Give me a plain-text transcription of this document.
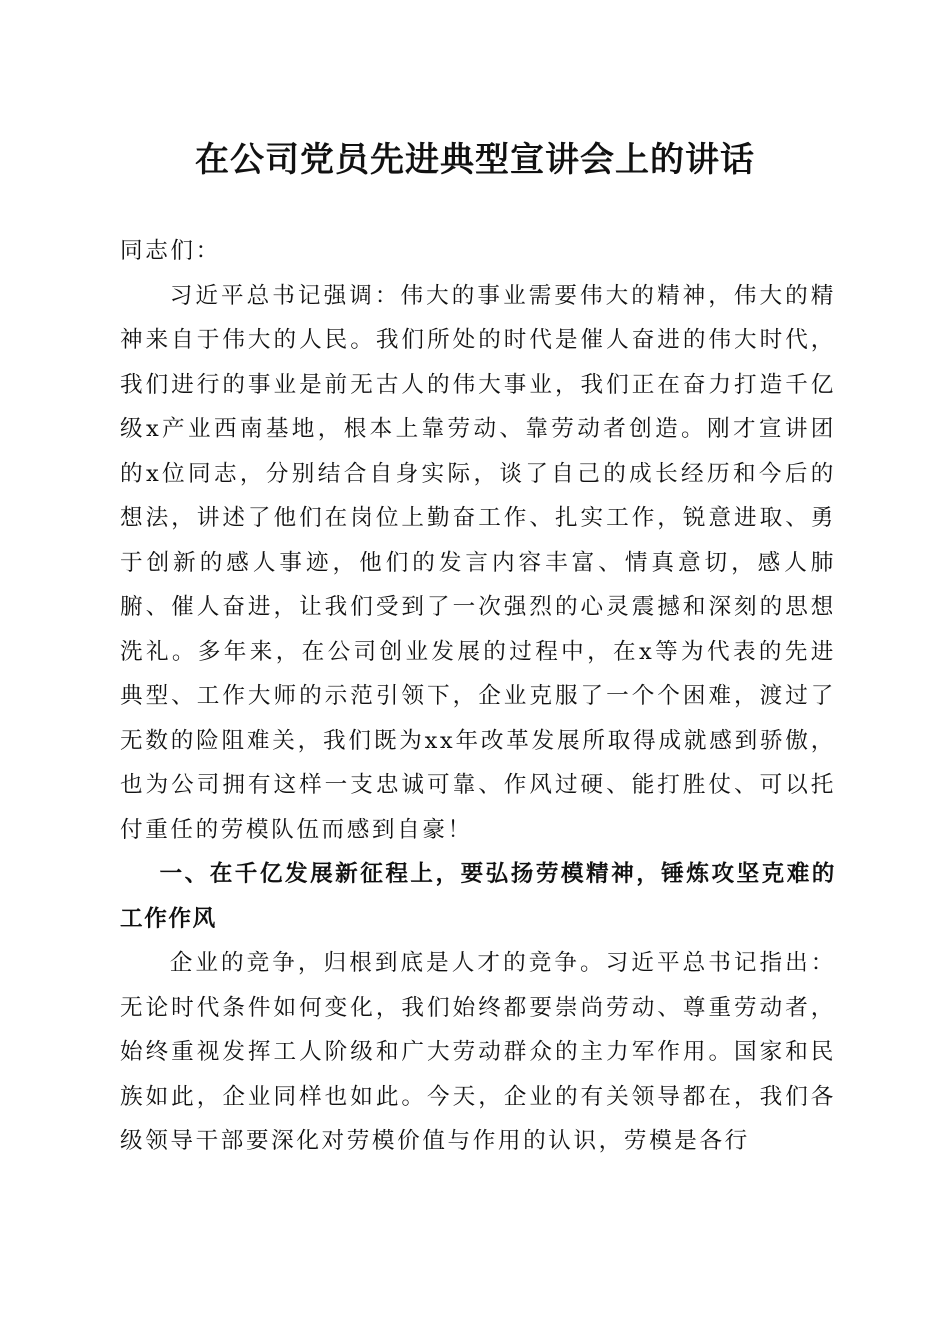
在公司党员先进典型宣讲会上的讲话

同志们：

习近平总书记强调：伟大的事业需要伟大的精神，伟大的精神来自于伟大的人民。我们所处的时代是催人奋进的伟大时代，我们进行的事业是前无古人的伟大事业，我们正在奋力打造千亿级x产业西南基地，根本上靠劳动、靠劳动者创造。刚才宣讲团的x位同志，分别结合自身实际，谈了自己的成长经历和今后的想法，讲述了他们在岗位上勤奋工作、扎实工作，锐意进取、勇于创新的感人事迹，他们的发言内容丰富、情真意切，感人肺腑、催人奋进，让我们受到了一次强烈的心灵震撼和深刻的思想洗礼。多年来，在公司创业发展的过程中，在x等为代表的先进典型、工作大师的示范引领下，企业克服了一个个困难，渡过了无数的险阻难关，我们既为xx年改革发展所取得成就感到骄傲，也为公司拥有这样一支忠诚可靠、作风过硬、能打胜仗、可以托付重任的劳模队伍而感到自豪！

一、在千亿发展新征程上，要弘扬劳模精神，锤炼攻坚克难的工作作风

企业的竞争，归根到底是人才的竞争。习近平总书记指出：无论时代条件如何变化，我们始终都要崇尚劳动、尊重劳动者，始终重视发挥工人阶级和广大劳动群众的主力军作用。国家和民族如此，企业同样也如此。今天，企业的有关领导都在，我们各级领导干部要深化对劳模价值与作用的认识，劳模是各行
